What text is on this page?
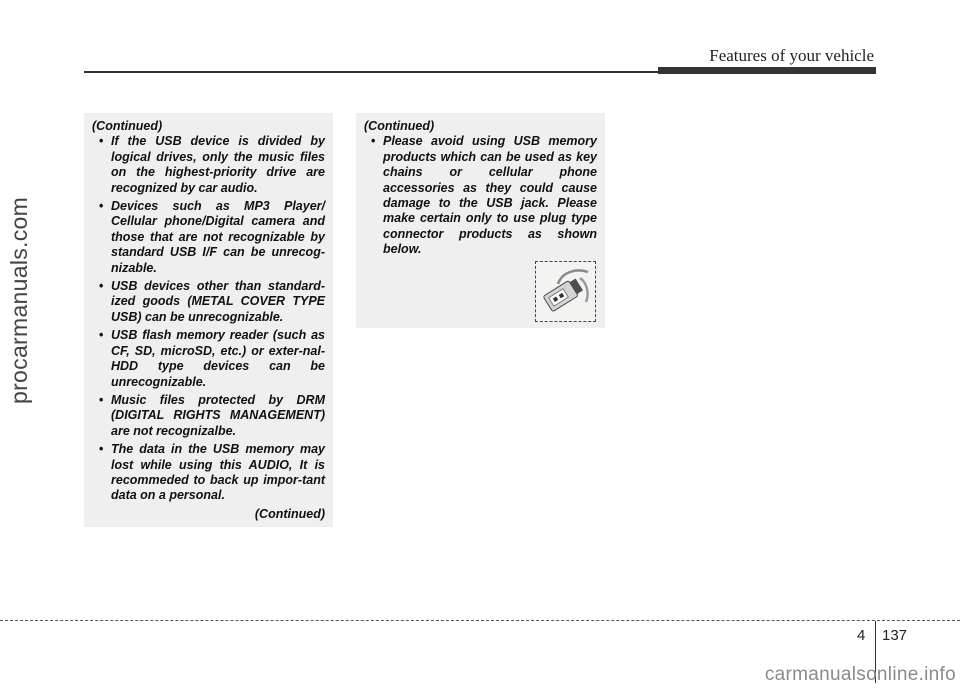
Features of your vehicle
procarmanuals.com
(Continued)
• If the USB device is divided by logical drives, only the music files on the highest-priority drive are recognized by car audio.
• Devices such as MP3 Player/ Cellular phone/Digital camera and those that are not recognizable by standard USB I/F can be unrecog-nizable.
• USB devices other than standard-ized goods (METAL COVER TYPE USB) can be unrecognizable.
• USB flash memory reader (such as CF, SD, microSD, etc.) or exter-nal-HDD type devices can be unrecognizable.
• Music files protected by DRM (DIGITAL RIGHTS MANAGEMENT) are not recognizalbe.
• The data in the USB memory may lost while using this AUDIO, It is recommeded to back up impor-tant data on a personal.
(Continued)
(Continued)
• Please avoid using USB memory products which can be used as key chains or cellular phone accessories as they could cause damage to the USB jack. Please make certain only to use plug type connector products as shown below.
4 137
carmanualsonline.info
